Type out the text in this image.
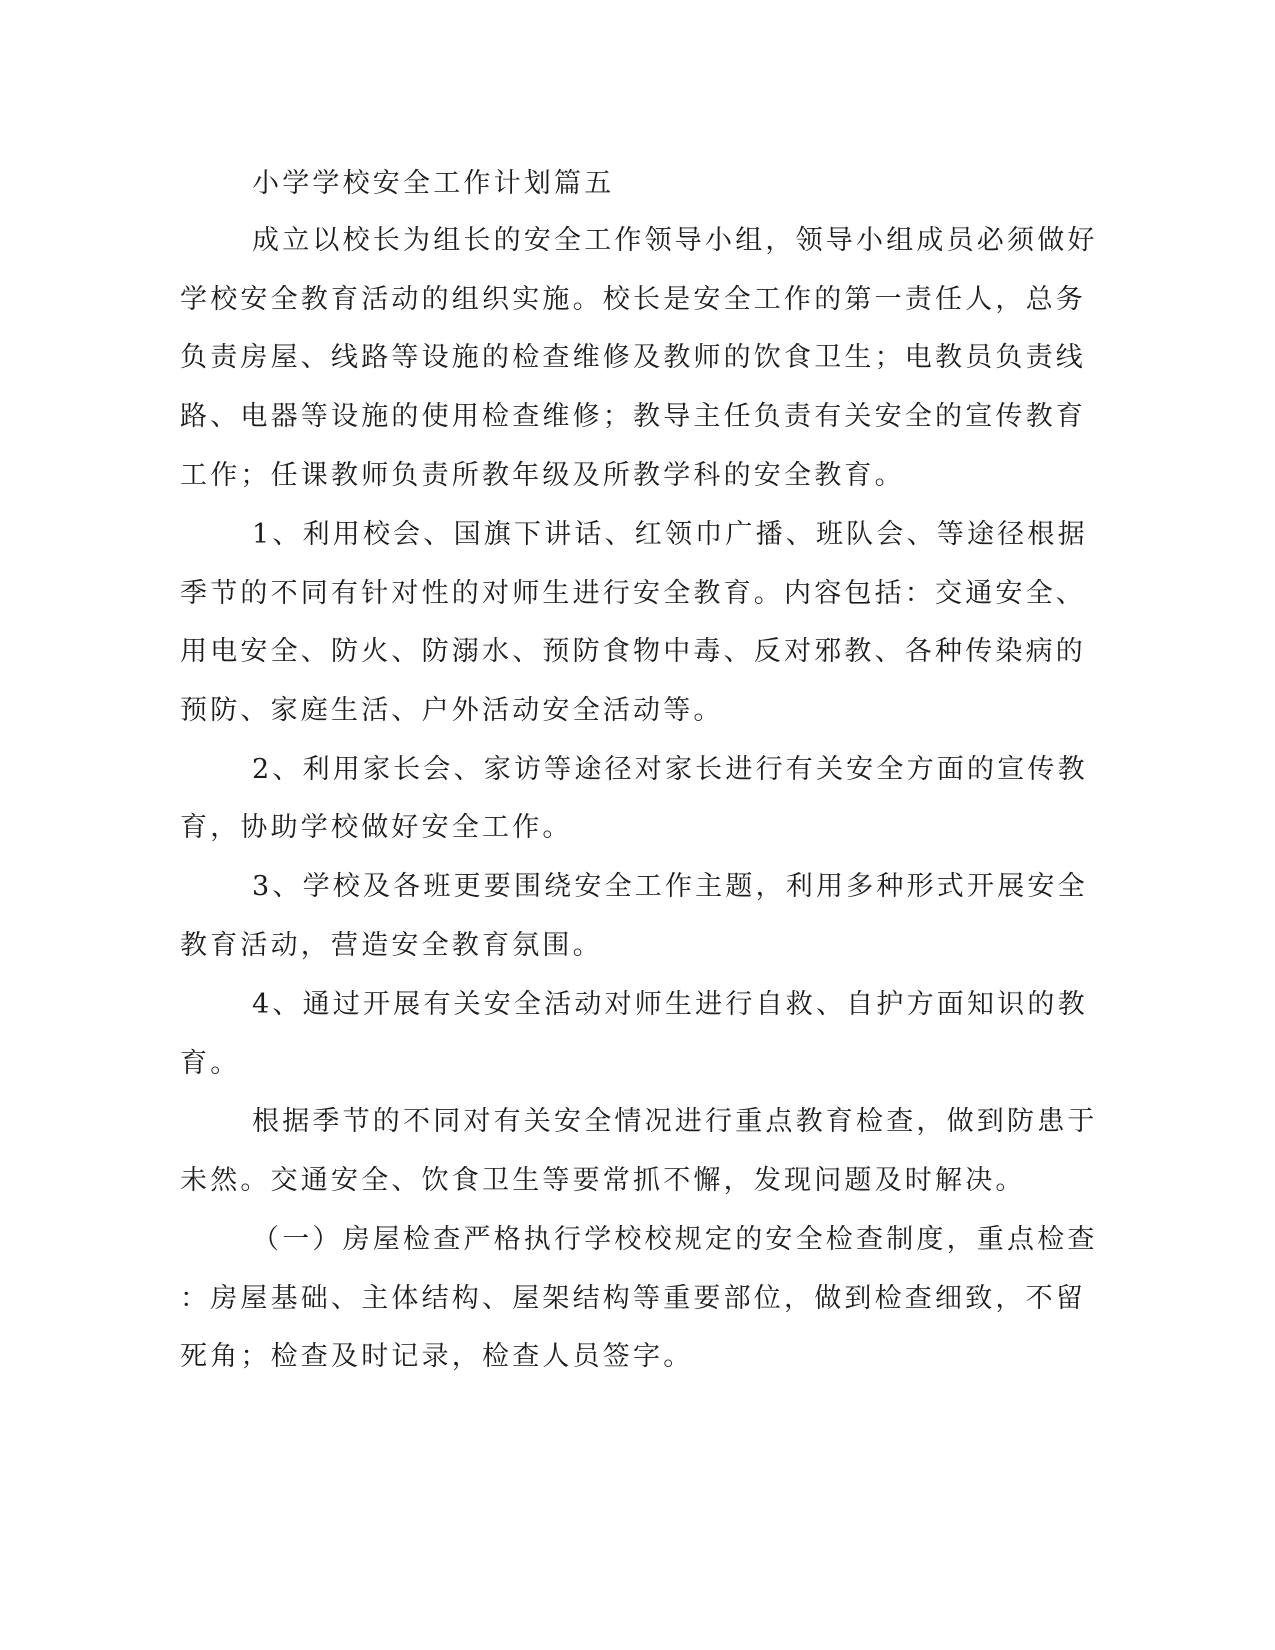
小学学校安全工作计划篇五
成立以校长为组长的安全工作领导小组，领导小组成员必须做好
学校安全教育活动的组织实施。校长是安全工作的第一责任人，总务
负责房屋、线路等设施的检查维修及教师的饮食卫生；电教员负责线
路、电器等设施的使用检查维修；教导主任负责有关安全的宣传教育
工作；任课教师负责所教年级及所教学科的安全教育。
1、利用校会、国旗下讲话、红领巾广播、班队会、等途径根据
季节的不同有针对性的对师生进行安全教育。内容包括：交通安全、
用电安全、防火、防溺水、预防食物中毒、反对邪教、各种传染病的
预防、家庭生活、户外活动安全活动等。
2、利用家长会、家访等途径对家长进行有关安全方面的宣传教
育，协助学校做好安全工作。
3、学校及各班更要围绕安全工作主题，利用多种形式开展安全
教育活动，营造安全教育氛围。
4、通过开展有关安全活动对师生进行自救、自护方面知识的教
育。
根据季节的不同对有关安全情况进行重点教育检查，做到防患于
未然。交通安全、饮食卫生等要常抓不懈，发现问题及时解决。
（一）房屋检查严格执行学校校规定的安全检查制度，重点检查
：房屋基础、主体结构、屋架结构等重要部位，做到检查细致，不留
死角；检查及时记录，检查人员签字。
